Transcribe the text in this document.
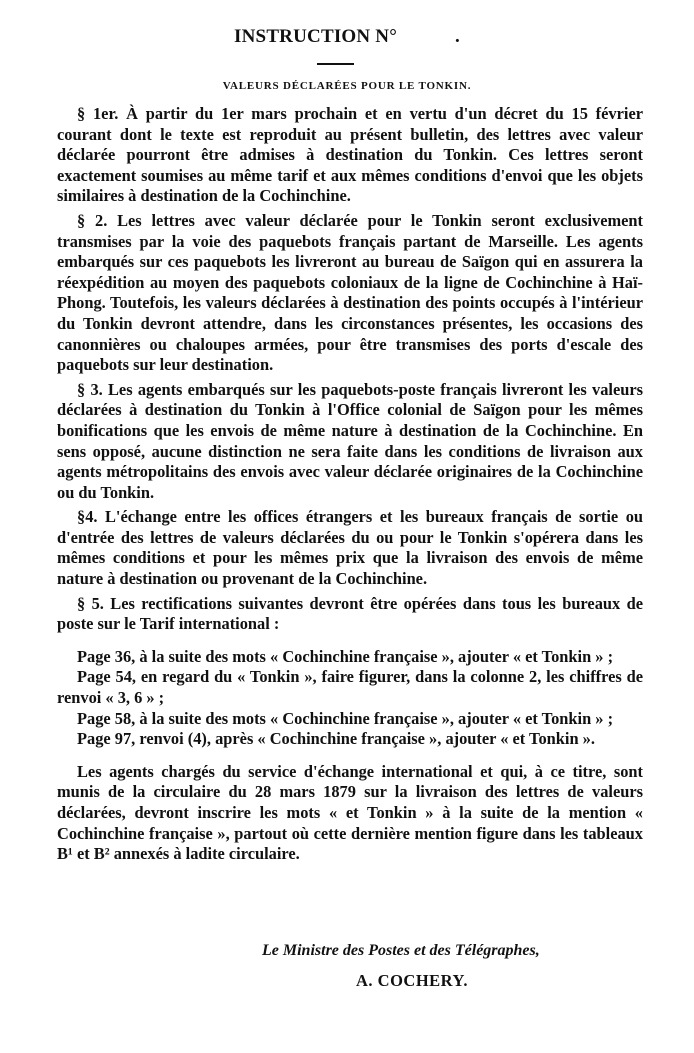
INSTRUCTION N°	.
VALEURS DÉCLARÉES POUR LE TONKIN.

§ 1er. À partir du 1er mars prochain et en vertu d'un décret du 15 février courant dont le texte est reproduit au présent bulletin, des lettres avec valeur déclarée pourront être admises à destination du Tonkin. Ces lettres seront exactement soumises au même tarif et aux mêmes conditions d'envoi que les objets similaires à destination de la Cochinchine.

§ 2. Les lettres avec valeur déclarée pour le Tonkin seront exclusivement transmises par la voie des paquebots français partant de Marseille. Les agents embarqués sur ces paquebots les livreront au bureau de Saïgon qui en assurera la réexpédition au moyen des paquebots coloniaux de la ligne de Cochinchine à Haï-Phong. Toutefois, les valeurs déclarées à destination des points occupés à l'intérieur du Tonkin devront attendre, dans les circonstances présentes, les occasions des canonnières ou chaloupes armées, pour être transmises des ports d'escale des paquebots sur leur destination.

§ 3. Les agents embarqués sur les paquebots-poste français livreront les valeurs déclarées à destination du Tonkin à l'Office colonial de Saïgon pour les mêmes bonifications que les envois de même nature à destination de la Cochinchine. En sens opposé, aucune distinction ne sera faite dans les conditions de livraison aux agents métropolitains des envois avec valeur déclarée originaires de la Cochinchine ou du Tonkin.

§4. L'échange entre les offices étrangers et les bureaux français de sortie ou d'entrée des lettres de valeurs déclarées du ou pour le Tonkin s'opérera dans les mêmes conditions et pour les mêmes prix que la livraison des envois de même nature à destination ou provenant de la Cochinchine.

§ 5. Les rectifications suivantes devront être opérées dans tous les bureaux de poste sur le Tarif international :

Page 36, à la suite des mots « Cochinchine française », ajouter « et Tonkin » ;

Page 54, en regard du « Tonkin », faire figurer, dans la colonne 2, les chiffres de renvoi « 3, 6 » ;

Page 58, à la suite des mots « Cochinchine française », ajouter « et Tonkin » ;

Page 97, renvoi (4), après « Cochinchine française », ajouter « et Tonkin ».

Les agents chargés du service d'échange international et qui, à ce titre, sont munis de la circulaire du 28 mars 1879 sur la livraison des lettres de valeurs déclarées, devront inscrire les mots « et Tonkin » à la suite de la mention « Cochinchine française », partout où cette dernière mention figure dans les tableaux B¹ et B² annexés à ladite circulaire.

Le Ministre des Postes et des Télégraphes,
A. COCHERY.
